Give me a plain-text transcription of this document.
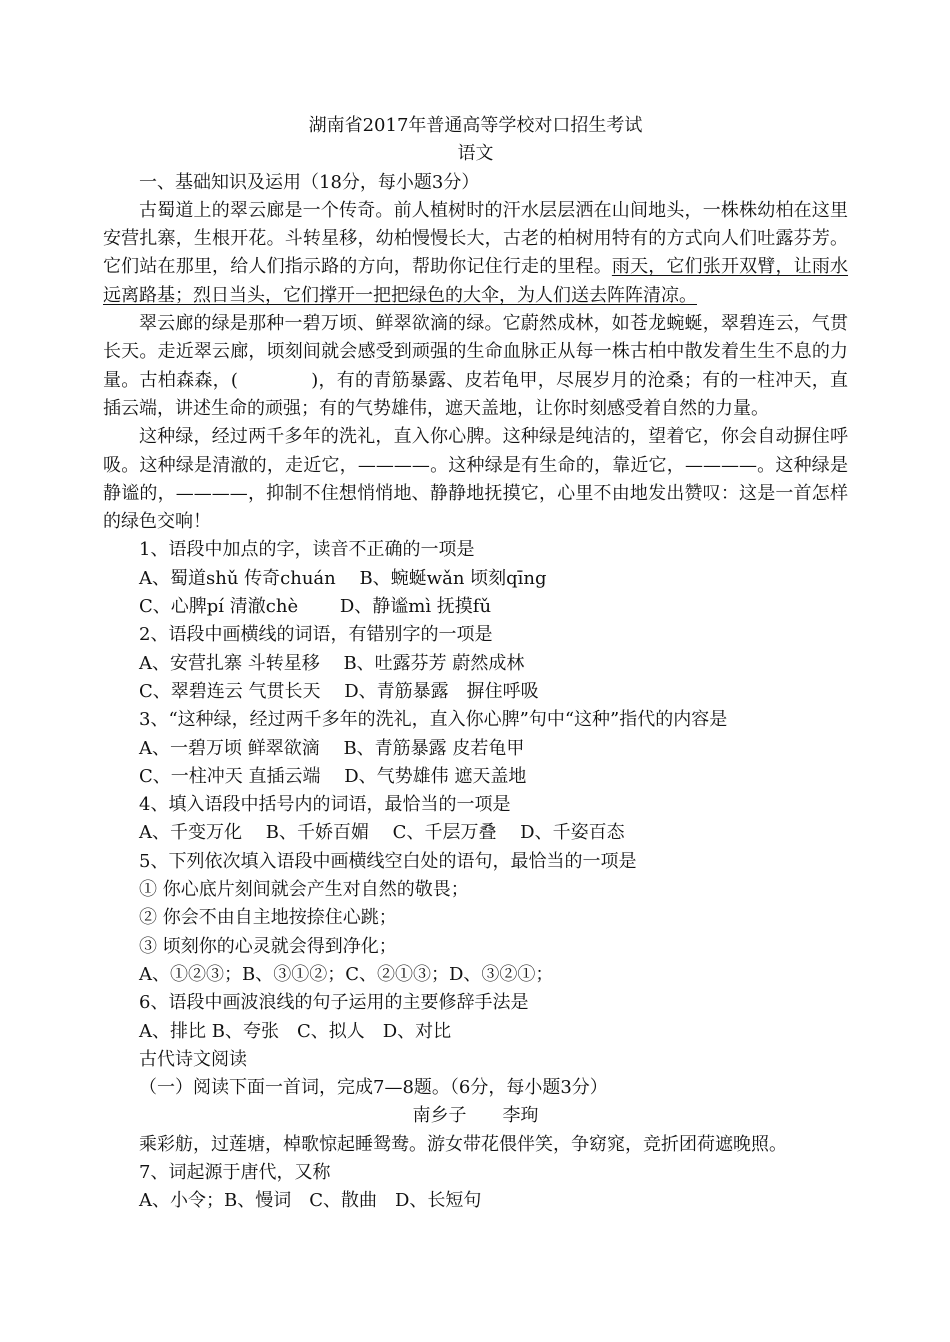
湖南省2017年普通高等学校对口招生考试
语文
一、基础知识及运用（18分，每小题3分）
古蜀道上的翠云廊是一个传奇。前人植树时的汗水层层洒在山间地头，一株株幼柏在这里安营扎寨，生根开花。斗转星移，幼柏慢慢长大，古老的柏树用特有的方式向人们吐露芬芳。它们站在那里，给人们指示路的方向，帮助你记住行走的里程。雨天，它们张开双臂，让雨水远离路基；烈日当头，它们撑开一把把绿色的大伞，为人们送去阵阵清凉。
翠云廊的绿是那种一碧万顷、鲜翠欲滴的绿。它蔚然成林，如苍龙蜿蜒，翠碧连云，气贯长天。走近翠云廊，顷刻间就会感受到顽强的生命血脉正从每一株古柏中散发着生生不息的力量。古柏森森，(　　　　)，有的青筋暴露、皮若龟甲，尽展岁月的沧桑；有的一柱冲天，直插云端，讲述生命的顽强；有的气势雄伟，遮天盖地，让你时刻感受着自然的力量。
这种绿，经过两千多年的洗礼，直入你心脾。这种绿是纯洁的，望着它，你会自动摒住呼吸。这种绿是清澈的，走近它，————。这种绿是有生命的，靠近它，————。这种绿是静谧的，————，抑制不住想悄悄地、静静地抚摸它，心里不由地发出赞叹：这是一首怎样的绿色交响！
1、语段中加点的字，读音不正确的一项是
A、蜀道shǔ 传奇chuán　 B、蜿蜒wǎn 顷刻qīng
C、心脾pí 清澈chè　　 D、静谧mì 抚摸fǔ
2、语段中画横线的词语，有错别字的一项是
A、安营扎寨 斗转星移　 B、吐露芬芳 蔚然成林
C、翠碧连云 气贯长天　 D、青筋暴露　摒住呼吸
3、“这种绿，经过两千多年的洗礼，直入你心脾”句中“这种”指代的内容是
A、一碧万顷 鲜翠欲滴　 B、青筋暴露 皮若龟甲
C、一柱冲天 直插云端　 D、气势雄伟 遮天盖地
4、填入语段中括号内的词语，最恰当的一项是
A、千变万化　 B、千娇百媚　 C、千层万叠　 D、千姿百态
5、下列依次填入语段中画横线空白处的语句，最恰当的一项是
① 你心底片刻间就会产生对自然的敬畏；
② 你会不由自主地按捺住心跳；
③ 顷刻你的心灵就会得到净化；
A、①②③；B、③①②；C、②①③；D、③②①；
6、语段中画波浪线的句子运用的主要修辞手法是
A、排比 B、夸张　C、拟人　D、对比
古代诗文阅读
（一）阅读下面一首词，完成7—8题。（6分，每小题3分）
南乡子　　李珣
乘彩舫，过莲塘，棹歌惊起睡鸳鸯。游女带花偎伴笑，争窈窕，竞折团荷遮晚照。
7、词起源于唐代，又称
A、小令；B、慢词　C、散曲　D、长短句
